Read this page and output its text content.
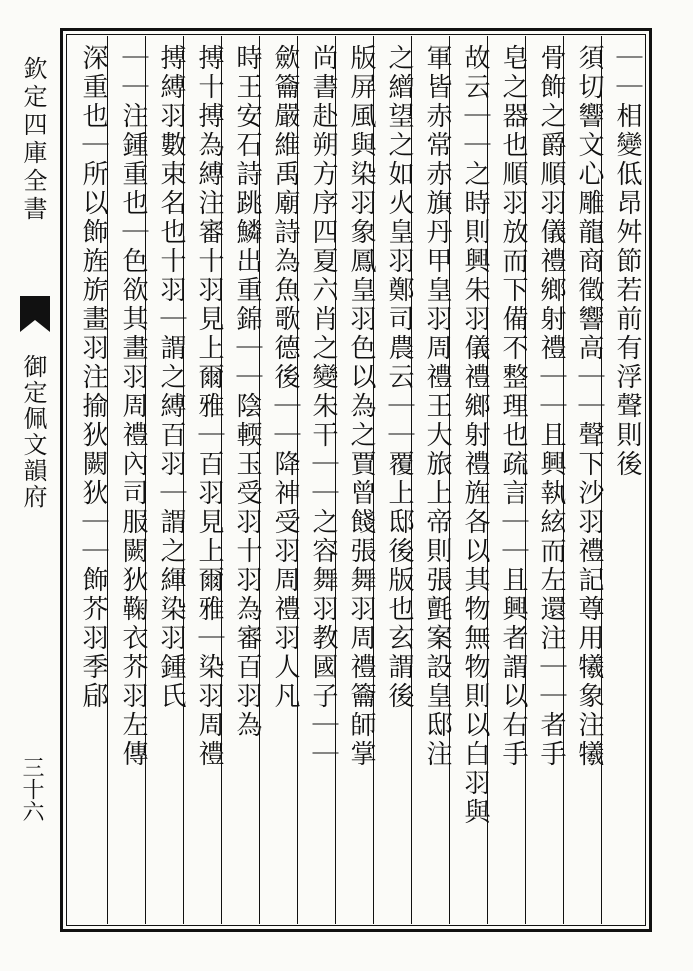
欽定四庫全書
御定佩文韻府
三十六
｜｜相變低昂舛節若前有浮聲則後
須切響文心雕龍商徵響高｜｜聲下沙羽禮記尊用犧象注犧
骨飾之爵順羽儀禮鄉射禮｜｜且興執絃而左還注｜｜者手
皂之器也順羽放而下備不整理也疏言｜｜且興者謂以右手
故云｜｜之時則興朱羽儀禮鄉射禮旌各以其物無物則以白羽與
軍皆赤常赤旗丹甲皇羽周禮王大旅上帝則張氈案設皇邸注
之繒望之如火皇羽鄭司農云｜｜覆上邸後版也玄謂後
版屏風與染羽象鳳皇羽色以為之賈曾餞張舞羽周禮籥師掌
尚書赴朔方序四夏六肖之變朱干｜｜之容舞羽教國子｜｜
歛籥嚴維禹廟詩為魚歌德後｜｜降神受羽周禮羽人凡
時王安石詩跳鱗出重錦｜｜陰輭玉受羽十羽為審百羽為
搏十搏為縛注審十羽見上爾雅｜百羽見上爾雅｜染羽周禮
搏縛羽數束名也十羽｜謂之縛百羽｜謂之緷染羽鍾氏
｜｜注鍾重也｜色欲其畫羽周禮內司服闕狄鞠衣芥羽左傳
深重也｜所以飾旌旂畫羽注揄狄闕狄｜｜飾芥羽季郈
